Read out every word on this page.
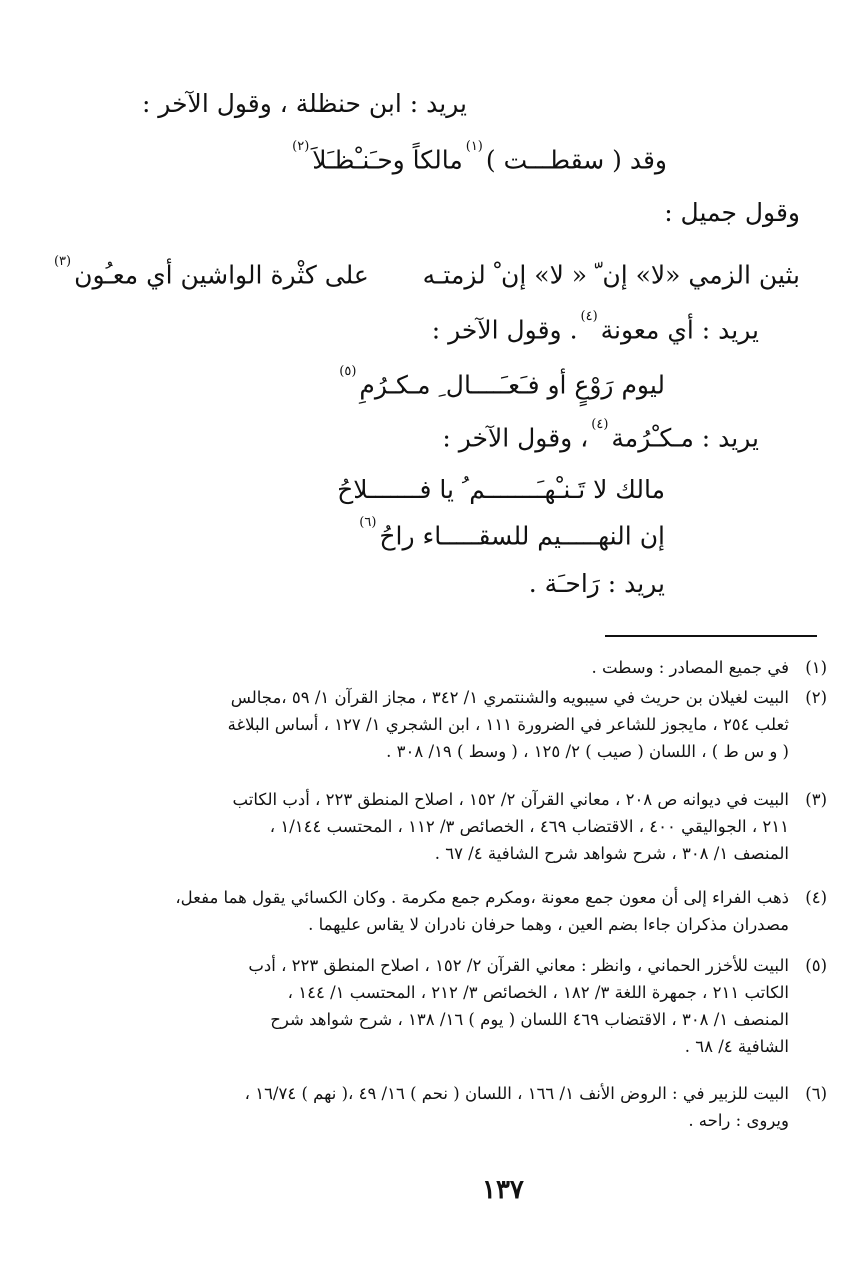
يريد : ابن حنظلة ، وقول الآخر :
وقد ( سقطـــت )$^{(١)}$مالكاً وحـَنـْظـَلاَ$^{(٢)}$
وقول جميل :
بثين الزمي «لا» إن ّ « لا» إن ْ لزمتـه  على كثْرة الواشين أي معـُون$^{(٣)}$
يريد : أي معونة$^{(٤)}$. وقول الآخر :
ليوم رَوْعٍ أو فـَعـَــــال ِ مـكـرُمِ$^{(٥)}$
يريد : مـكـْرُمة$^{(٤)}$، وقول الآخر :
مالك لا تَـنـْهـَـــــــم ُ يا فـــــــلاحُ
إن النهـــــيم للسقـــــاء راحُ$^{(٦)}$
يريد : رَاحـَة .
(١)
في جميع المصادر : وسطت .
(٢)
البيت لغيلان بن حريث في سيبويه والشنتمري ١/ ٣٤٢ ، مجاز القرآن ١/ ٥٩ ،مجالس
ثعلب ٢٥٤ ، مايجوز للشاعر في الضرورة ١١١ ، ابن الشجري ١/ ١٢٧ ، أساس البلاغة
( و س ط ) ، اللسان ( صيب ) ٢/ ١٢٥ ، ( وسط ) ١٩/ ٣٠٨ .
(٣)
البيت في ديوانه ص ٢٠٨ ، معاني القرآن ٢/ ١٥٢ ، اصلاح المنطق ٢٢٣ ، أدب الكاتب
٢١١ ، الجواليقي ٤٠٠ ، الاقتضاب ٤٦٩ ، الخصائص ٣/ ١١٢ ، المحتسب ١/١٤٤ ،
المنصف ١/ ٣٠٨ ، شرح شواهد شرح الشافية ٤/ ٦٧ .
(٤)
ذهب الفراء إلى أن معون جمع معونة ،ومكرم جمع مكرمة . وكان الكسائي يقول هما مفعل،
مصدران مذكران جاءا بضم العين ، وهما حرفان نادران لا يقاس عليهما .
(٥)
البيت للأخزر الحماني ، وانظر : معاني القرآن ٢/ ١٥٢ ، اصلاح المنطق ٢٢٣ ، أدب
الكاتب ٢١١ ، جمهرة اللغة ٣/ ١٨٢ ، الخصائص ٣/ ٢١٢ ، المحتسب ١/ ١٤٤ ،
المنصف ١/ ٣٠٨ ، الاقتضاب ٤٦٩ اللسان ( يوم ) ١٦/ ١٣٨ ، شرح شواهد شرح
الشافية ٤/ ٦٨ .
(٦)
البيت للزبير في : الروض الأنف ١/ ١٦٦ ، اللسان ( نحم ) ١٦/ ٤٩ ،( نهم ) ١٦/٧٤ ،
ويروى : راحه .
١٣٧
